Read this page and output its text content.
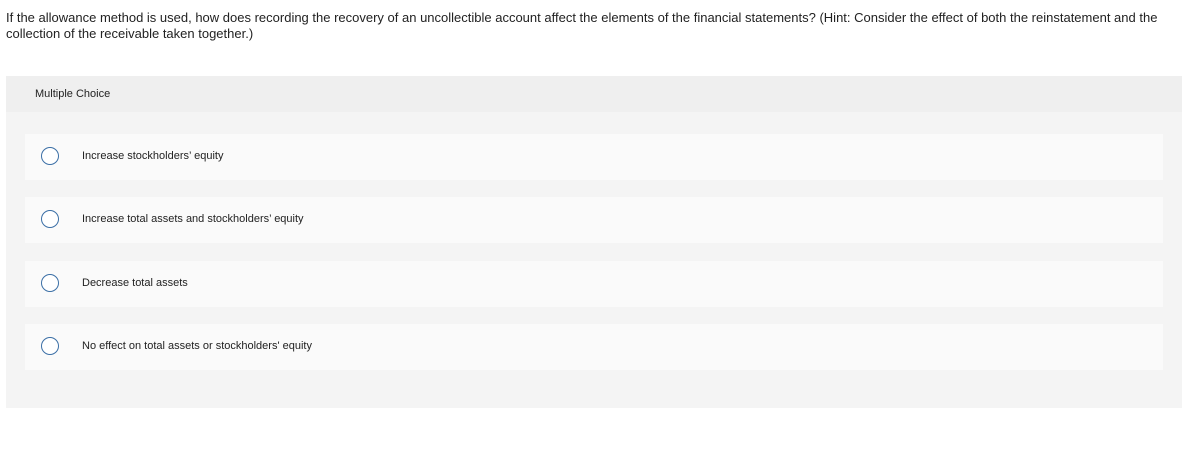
If the allowance method is used, how does recording the recovery of an uncollectible account affect the elements of the financial statements? (Hint: Consider the effect of both the reinstatement and the collection of the receivable taken together.)
Multiple Choice
Increase stockholders’ equity
Increase total assets and stockholders’ equity
Decrease total assets
No effect on total assets or stockholders' equity
